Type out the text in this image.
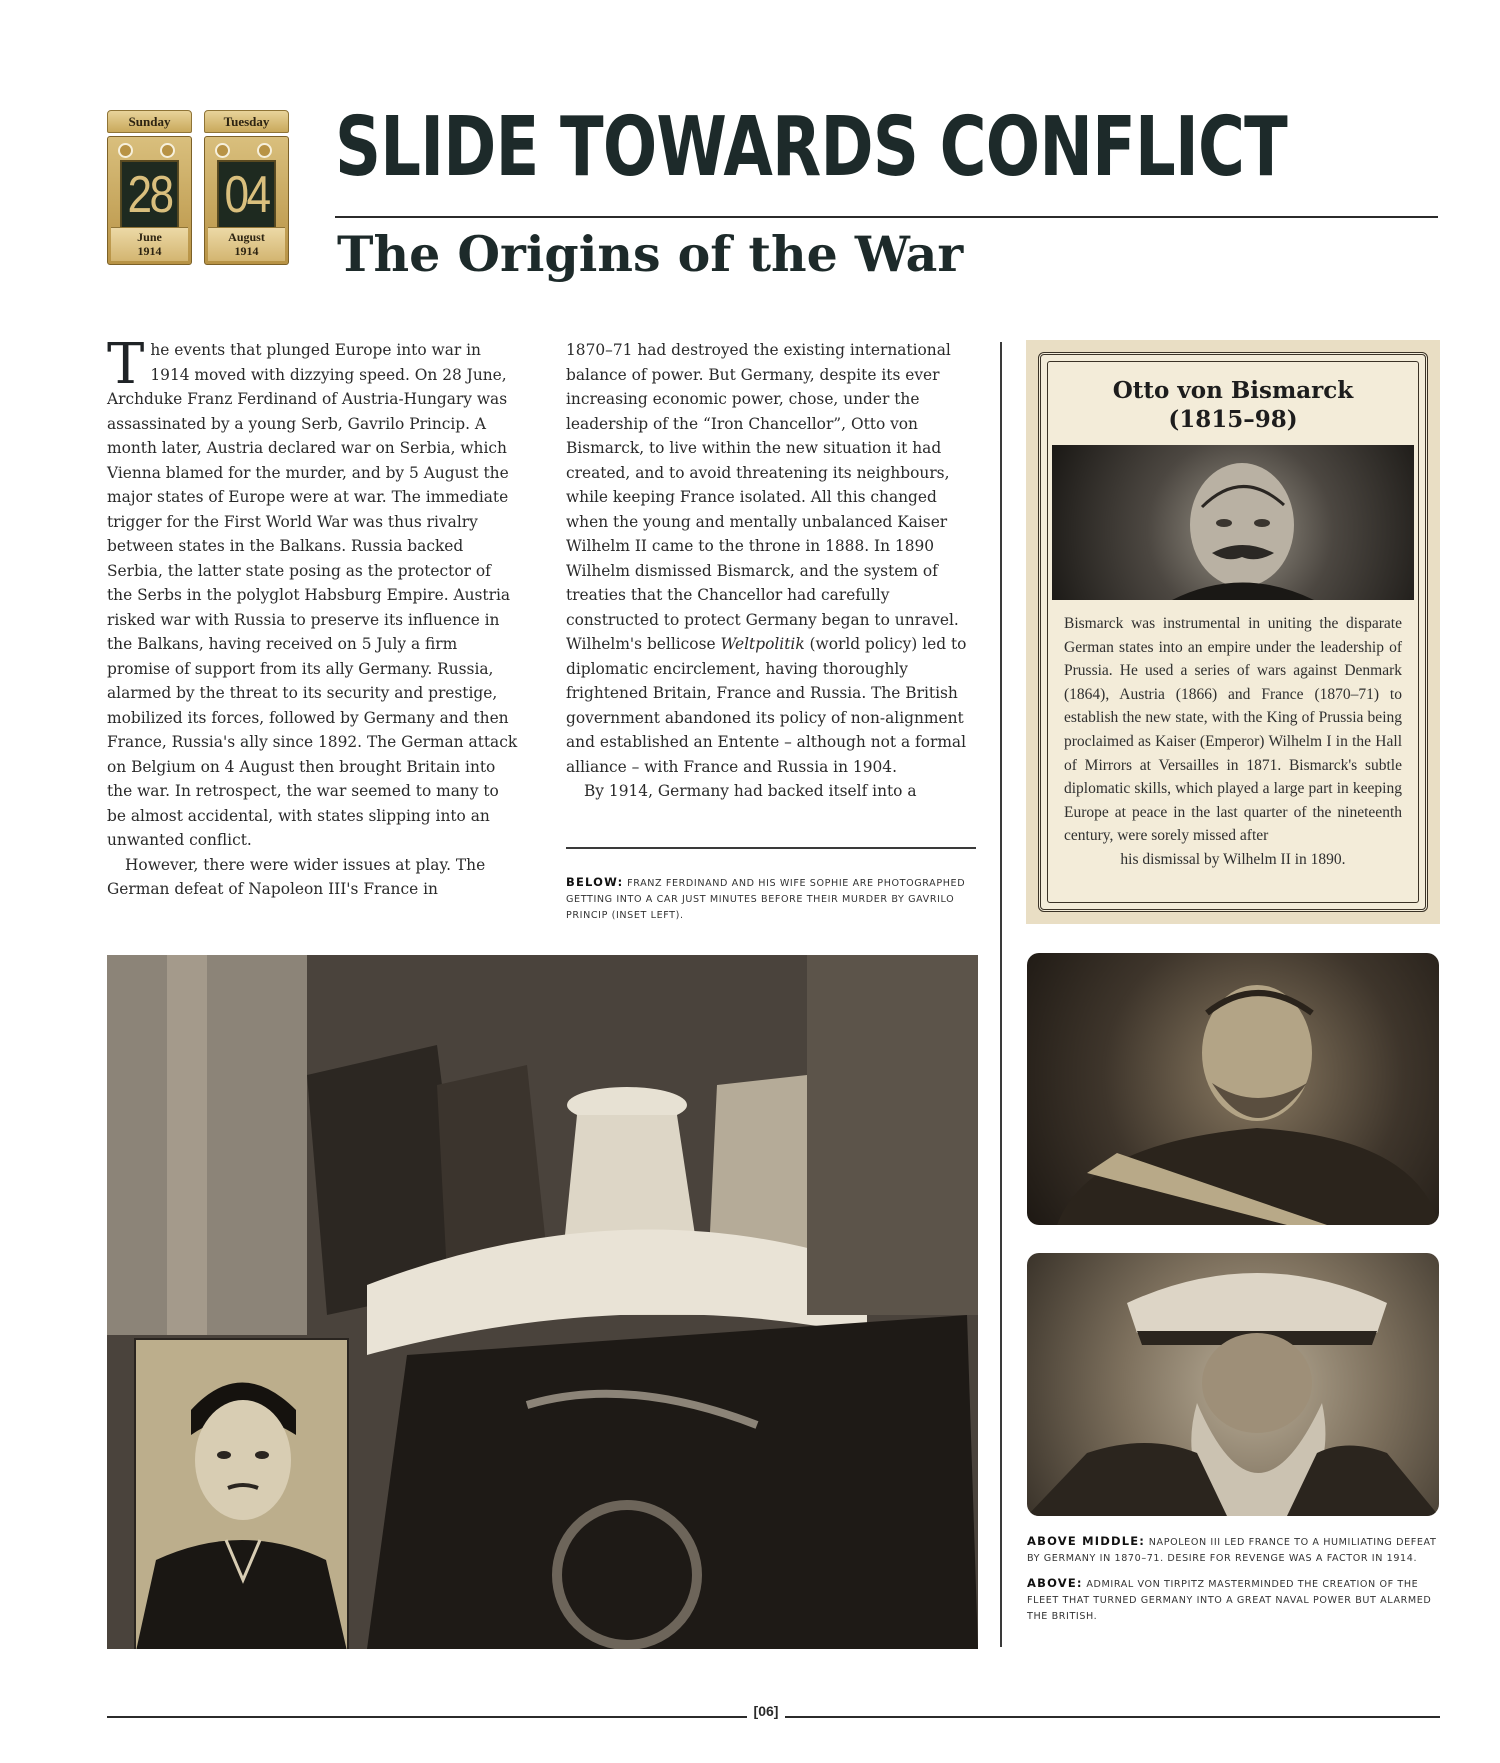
Sunday
28
June
1914
Tuesday
04
August
1914
SLIDE TOWARDS CONFLICT
The Origins of the War

The events that plunged Europe into war in 1914 moved with dizzying speed. On 28 June, Archduke Franz Ferdinand of Austria-Hungary was assassinated by a young Serb, Gavrilo Princip. A month later, Austria declared war on Serbia, which Vienna blamed for the murder, and by 5 August the major states of Europe were at war. The immediate trigger for the First World War was thus rivalry between states in the Balkans. Russia backed Serbia, the latter state posing as the protector of the Serbs in the polyglot Habsburg Empire. Austria risked war with Russia to preserve its influence in the Balkans, having received on 5 July a firm promise of support from its ally Germany. Russia, alarmed by the threat to its security and prestige, mobilized its forces, followed by Germany and then France, Russia's ally since 1892. The German attack on Belgium on 4 August then brought Britain into the war. In retrospect, the war seemed to many to be almost accidental, with states slipping into an unwanted conflict.

However, there were wider issues at play. The German defeat of Napoleon III's France in

1870–71 had destroyed the existing international balance of power. But Germany, despite its ever increasing economic power, chose, under the leadership of the “Iron Chancellor”, Otto von Bismarck, to live within the new situation it had created, and to avoid threatening its neighbours, while keeping France isolated. All this changed when the young and mentally unbalanced Kaiser Wilhelm II came to the throne in 1888. In 1890 Wilhelm dismissed Bismarck, and the system of treaties that the Chancellor had carefully constructed to protect Germany began to unravel. Wilhelm's bellicose Weltpolitik (world policy) led to diplomatic encirclement, having thoroughly frightened Britain, France and Russia. The British government abandoned its policy of non-alignment and established an Entente – although not a formal alliance – with France and Russia in 1904.

By 1914, Germany had backed itself into a

BELOW: FRANZ FERDINAND AND HIS WIFE SOPHIE ARE PHOTOGRAPHED GETTING INTO A CAR JUST MINUTES BEFORE THEIR MURDER BY GAVRILO PRINCIP (INSET LEFT).
Otto von Bismarck
(1815–98)
Bismarck was instrumental in uniting the disparate German states into an empire under the leadership of Prussia. He used a series of wars against Denmark (1864), Austria (1866) and France (1870–71) to establish the new state, with the King of Prussia being proclaimed as Kaiser (Emperor) Wilhelm I in the Hall of Mirrors at Versailles in 1871. Bismarck's subtle diplomatic skills, which played a large part in keeping Europe at peace in the last quarter of the nineteenth century, were sorely missed after
his dismissal by Wilhelm II in 1890.

ABOVE MIDDLE: NAPOLEON III LED FRANCE TO A HUMILIATING DEFEAT BY GERMANY IN 1870–71. DESIRE FOR REVENGE WAS A FACTOR IN 1914.

ABOVE: ADMIRAL VON TIRPITZ MASTERMINDED THE CREATION OF THE FLEET THAT TURNED GERMANY INTO A GREAT NAVAL POWER BUT ALARMED THE BRITISH.

[06]
